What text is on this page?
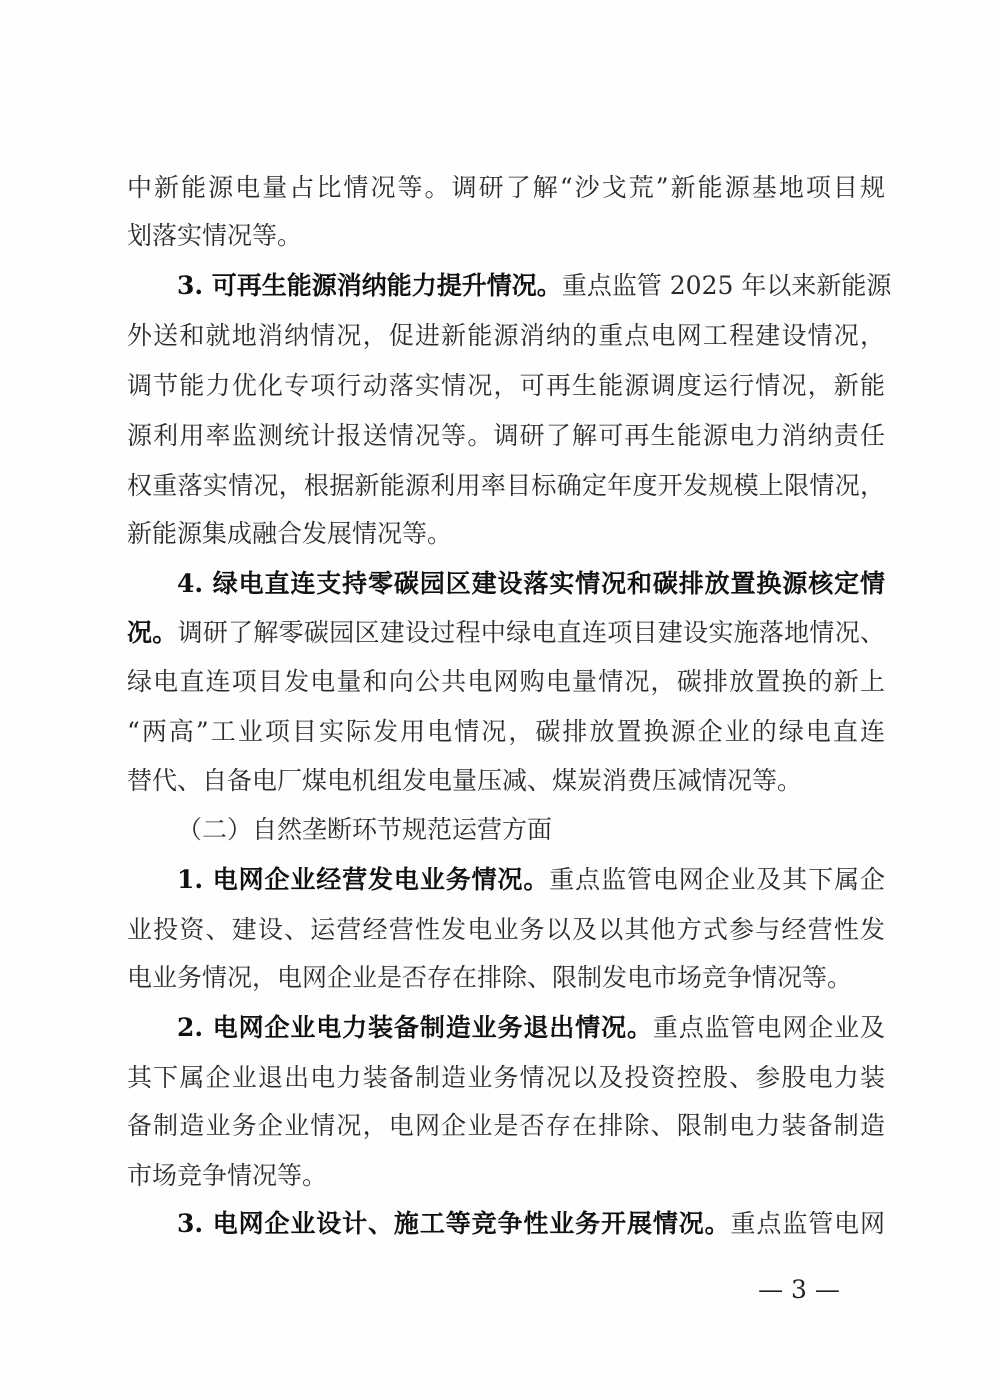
中新能源电量占比情况等。调研了解“沙戈荒”新能源基地项目规
划落实情况等。
3. 可再生能源消纳能力提升情况。重点监管 2025 年以来新能源
外送和就地消纳情况，促进新能源消纳的重点电网工程建设情况，
调节能力优化专项行动落实情况，可再生能源调度运行情况，新能
源利用率监测统计报送情况等。调研了解可再生能源电力消纳责任
权重落实情况，根据新能源利用率目标确定年度开发规模上限情况，
新能源集成融合发展情况等。
4. 绿电直连支持零碳园区建设落实情况和碳排放置换源核定情
况。调研了解零碳园区建设过程中绿电直连项目建设实施落地情况、
绿电直连项目发电量和向公共电网购电量情况，碳排放置换的新上
“两高”工业项目实际发用电情况，碳排放置换源企业的绿电直连
替代、自备电厂煤电机组发电量压减、煤炭消费压减情况等。
（二）自然垄断环节规范运营方面
1. 电网企业经营发电业务情况。重点监管电网企业及其下属企
业投资、建设、运营经营性发电业务以及以其他方式参与经营性发
电业务情况，电网企业是否存在排除、限制发电市场竞争情况等。
2. 电网企业电力装备制造业务退出情况。重点监管电网企业及
其下属企业退出电力装备制造业务情况以及投资控股、参股电力装
备制造业务企业情况，电网企业是否存在排除、限制电力装备制造
市场竞争情况等。
3. 电网企业设计、施工等竞争性业务开展情况。重点监管电网
— 3 —
